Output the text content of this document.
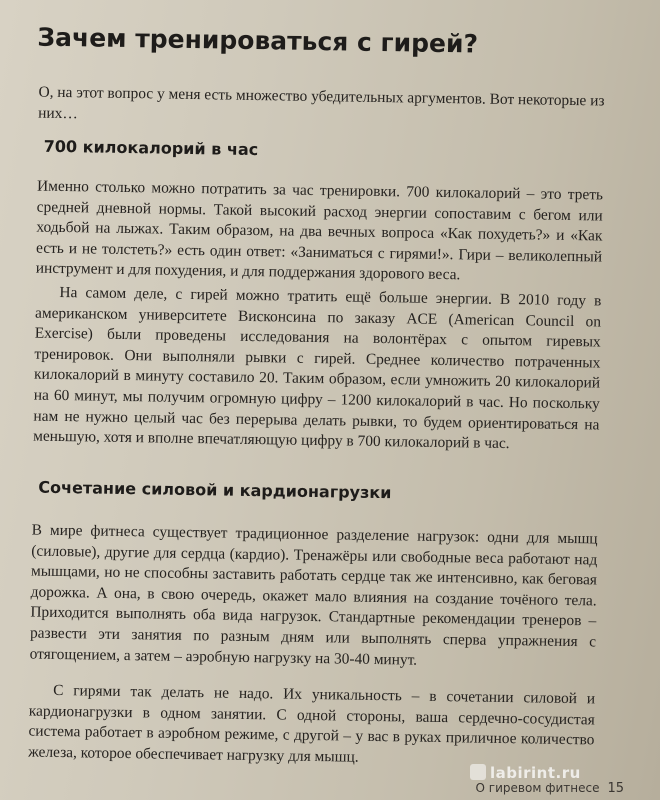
Зачем тренироваться с гирей?

О, на этот вопрос у меня есть множество убедительных аргументов. Вот некоторые из них…

700 килокалорий в час

Именно столько можно потратить за час тренировки. 700 килокалорий – это треть средней дневной нормы. Такой высокий расход энергии сопоставим с бегом или ходьбой на лыжах. Таким образом, на два вечных вопроса «Как похудеть?» и «Как есть и не толстеть?» есть один ответ: «Заниматься с гирями!». Гири – великолепный инструмент и для похудения, и для поддержания здорового веса.

На самом деле, с гирей можно тратить ещё больше энергии. В 2010 году в американском университете Висконсина по заказу ACE (American Council on Exercise) были проведены исследования на волонтёрах с опытом гиревых тренировок. Они выполняли рывки с гирей. Среднее количество потраченных килокалорий в минуту составило 20. Таким образом, если умножить 20 килокалорий на 60 минут, мы получим огромную цифру – 1200 килокалорий в час. Но поскольку нам не нужно целый час без перерыва делать рывки, то будем ориентироваться на меньшую, хотя и вполне впечатляющую цифру в 700 килокалорий в час.

Сочетание силовой и кардионагрузки

В мире фитнеса существует традиционное разделение нагрузок: одни для мышц (силовые), другие для сердца (кардио). Тренажёры или свободные веса работают над мышцами, но не способны заставить работать сердце так же интенсивно, как беговая дорожка. А она, в свою очередь, окажет мало влияния на создание точёного тела. Приходится выполнять оба вида нагрузок. Стандартные рекомендации тренеров – развести эти занятия по разным дням или выполнять сперва упражнения с отягощением, а затем – аэробную нагрузку на 30-40 минут.

С гирями так делать не надо. Их уникальность – в сочетании силовой и кардионагрузки в одном занятии. С одной стороны, ваша сердечно-сосудистая система работает в аэробном режиме, с другой – у вас в руках приличное количество железа, которое обеспечивает нагрузку для мышц.

labirint.ru
О гиревом фитнесе 15
